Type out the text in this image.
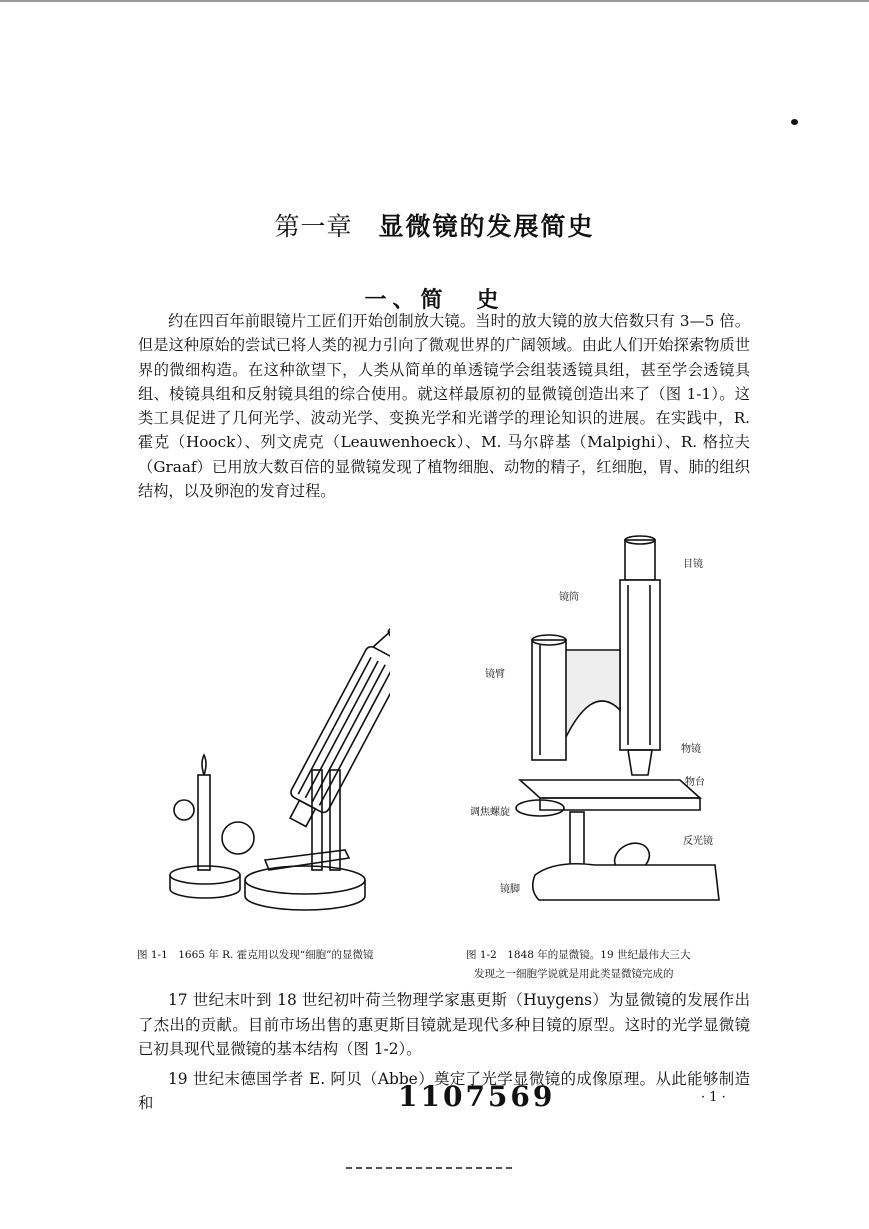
第一章 显微镜的发展简史
一、简　史

约在四百年前眼镜片工匠们开始创制放大镜。当时的放大镜的放大倍数只有 3—5 倍。但是这种原始的尝试已将人类的视力引向了微观世界的广阔领域。由此人们开始探索物质世界的微细构造。在这种欲望下，人类从简单的单透镜学会组装透镜具组，甚至学会透镜具组、棱镜具组和反射镜具组的综合使用。就这样最原初的显微镜创造出来了（图 1-1）。这类工具促进了几何光学、波动光学、变换光学和光谱学的理论知识的进展。在实践中，R. 霍克（Hoock）、列文虎克（Leauwenhoeck）、M. 马尔辟基（Malpighi）、R. 格拉夫（Graaf）已用放大数百倍的显微镜发现了植物细胞、动物的精子，红细胞，胃、肺的组织结构，以及卵泡的发育过程。

目镜
镜筒
镜臂
物镜
物台
调焦螺旋
反光镜
镜脚
图 1-1　1665 年 R. 霍克用以发现“细胞”的显微镜	图 1-2　1848 年的显微镜。19 世纪最伟大三大
发现之一细胞学说就是用此类显微镜完成的

17 世纪末叶到 18 世纪初叶荷兰物理学家惠更斯（Huygens）为显微镜的发展作出了杰出的贡献。目前市场出售的惠更斯目镜就是现代多种目镜的原型。这时的光学显微镜已初具现代显微镜的基本结构（图 1-2）。

19 世纪末德国学者 E. 阿贝（Abbe）奠定了光学显微镜的成像原理。从此能够制造和	1107569	· 1 ·
